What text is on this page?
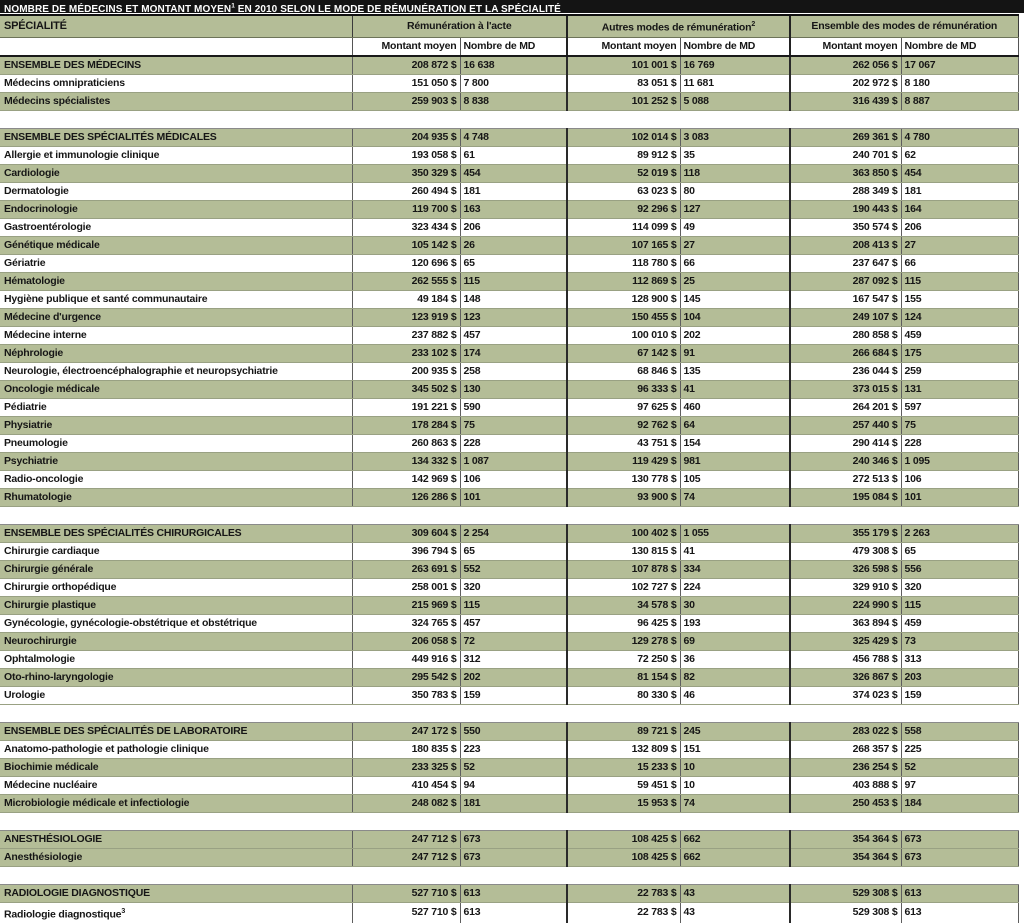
NOMBRE DE MÉDECINS ET MONTANT MOYEN$^1$ EN 2010 SELON LE MODE DE RÉMUNÉRATION ET LA SPÉCIALITÉ
SPÉCIALITÉ	Rémunération à l'acte		Autres modes de rémunération$^2$		Ensemble des modes de rémunération	
	Montant moyen	Nombre de MD	Montant moyen	Nombre de MD	Montant moyen	Nombre de MD
ENSEMBLE DES MÉDECINS	208 872 $	16 638	101 001 $	16 769	262 056 $	17 067
Médecins omnipraticiens	151 050 $	7 800	83 051 $	11 681	202 972 $	8 180
Médecins spécialistes	259 903 $	8 838	101 252 $	5 088	316 439 $	8 887

ENSEMBLE DES SPÉCIALITÉS MÉDICALES	204 935 $	4 748	102 014 $	3 083	269 361 $	4 780
Allergie et immunologie clinique	193 058 $	61	89 912 $	35	240 701 $	62
Cardiologie	350 329 $	454	52 019 $	118	363 850 $	454
Dermatologie	260 494 $	181	63 023 $	80	288 349 $	181
Endocrinologie	119 700 $	163	92 296 $	127	190 443 $	164
Gastroentérologie	323 434 $	206	114 099 $	49	350 574 $	206
Génétique médicale	105 142 $	26	107 165 $	27	208 413 $	27
Gériatrie	120 696 $	65	118 780 $	66	237 647 $	66
Hématologie	262 555 $	115	112 869 $	25	287 092 $	115
Hygiène publique et santé communautaire	49 184 $	148	128 900 $	145	167 547 $	155
Médecine d'urgence	123 919 $	123	150 455 $	104	249 107 $	124
Médecine interne	237 882 $	457	100 010 $	202	280 858 $	459
Néphrologie	233 102 $	174	67 142 $	91	266 684 $	175
Neurologie, électroencéphalographie et neuropsychiatrie	200 935 $	258	68 846 $	135	236 044 $	259
Oncologie médicale	345 502 $	130	96 333 $	41	373 015 $	131
Pédiatrie	191 221 $	590	97 625 $	460	264 201 $	597
Physiatrie	178 284 $	75	92 762 $	64	257 440 $	75
Pneumologie	260 863 $	228	43 751 $	154	290 414 $	228
Psychiatrie	134 332 $	1 087	119 429 $	981	240 346 $	1 095
Radio-oncologie	142 969 $	106	130 778 $	105	272 513 $	106
Rhumatologie	126 286 $	101	93 900 $	74	195 084 $	101

ENSEMBLE DES SPÉCIALITÉS CHIRURGICALES	309 604 $	2 254	100 402 $	1 055	355 179 $	2 263
Chirurgie cardiaque	396 794 $	65	130 815 $	41	479 308 $	65
Chirurgie générale	263 691 $	552	107 878 $	334	326 598 $	556
Chirurgie orthopédique	258 001 $	320	102 727 $	224	329 910 $	320
Chirurgie plastique	215 969 $	115	34 578 $	30	224 990 $	115
Gynécologie, gynécologie-obstétrique et obstétrique	324 765 $	457	96 425 $	193	363 894 $	459
Neurochirurgie	206 058 $	72	129 278 $	69	325 429 $	73
Ophtalmologie	449 916 $	312	72 250 $	36	456 788 $	313
Oto-rhino-laryngologie	295 542 $	202	81 154 $	82	326 867 $	203
Urologie	350 783 $	159	80 330 $	46	374 023 $	159

ENSEMBLE DES SPÉCIALITÉS DE LABORATOIRE	247 172 $	550	89 721 $	245	283 022 $	558
Anatomo-pathologie et pathologie clinique	180 835 $	223	132 809 $	151	268 357 $	225
Biochimie médicale	233 325 $	52	15 233 $	10	236 254 $	52
Médecine nucléaire	410 454 $	94	59 451 $	10	403 888 $	97
Microbiologie médicale et infectiologie	248 082 $	181	15 953 $	74	250 453 $	184

ANESTHÉSIOLOGIE	247 712 $	673	108 425 $	662	354 364 $	673
Anesthésiologie	247 712 $	673	108 425 $	662	354 364 $	673

RADIOLOGIE DIAGNOSTIQUE	527 710 $	613	22 783 $	43	529 308 $	613
Radiologie diagnostique$^3$	527 710 $	613	22 783 $	43	529 308 $	613
